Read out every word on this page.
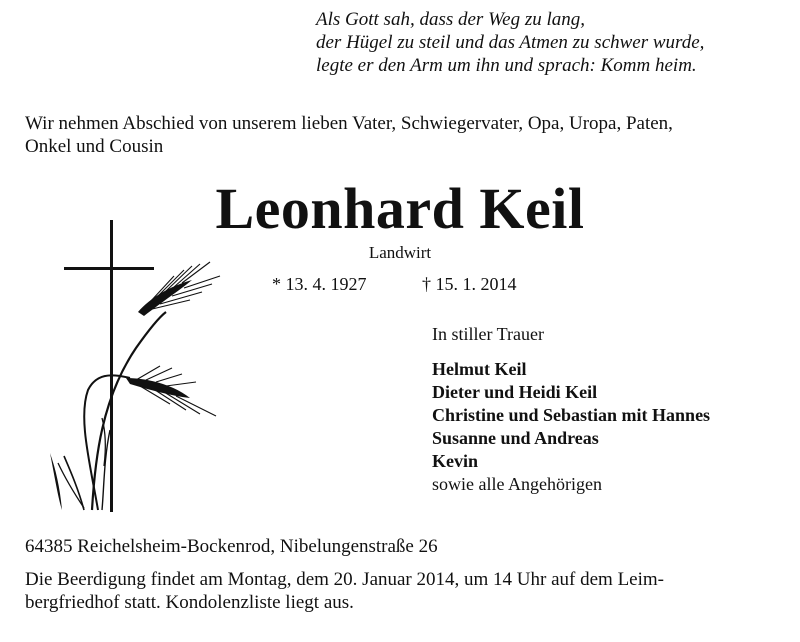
Als Gott sah, dass der Weg zu lang,
der Hügel zu steil und das Atmen zu schwer wurde,
legte er den Arm um ihn und sprach: Komm heim.
Wir nehmen Abschied von unserem lieben Vater, Schwiegervater, Opa, Uropa, Paten,
Onkel und Cousin
Leonhard Keil
Landwirt
* 13. 4. 1927	† 15. 1. 2014
In stiller Trauer
Helmut Keil
Dieter und Heidi Keil
Christine und Sebastian mit Hannes
Susanne und Andreas
Kevin
sowie alle Angehörigen
64385 Reichelsheim-Bockenrod, Nibelungenstraße 26
Die Beerdigung findet am Montag, dem 20. Januar 2014, um 14 Uhr auf dem Leim-
bergfriedhof statt. Kondolenzliste liegt aus.
